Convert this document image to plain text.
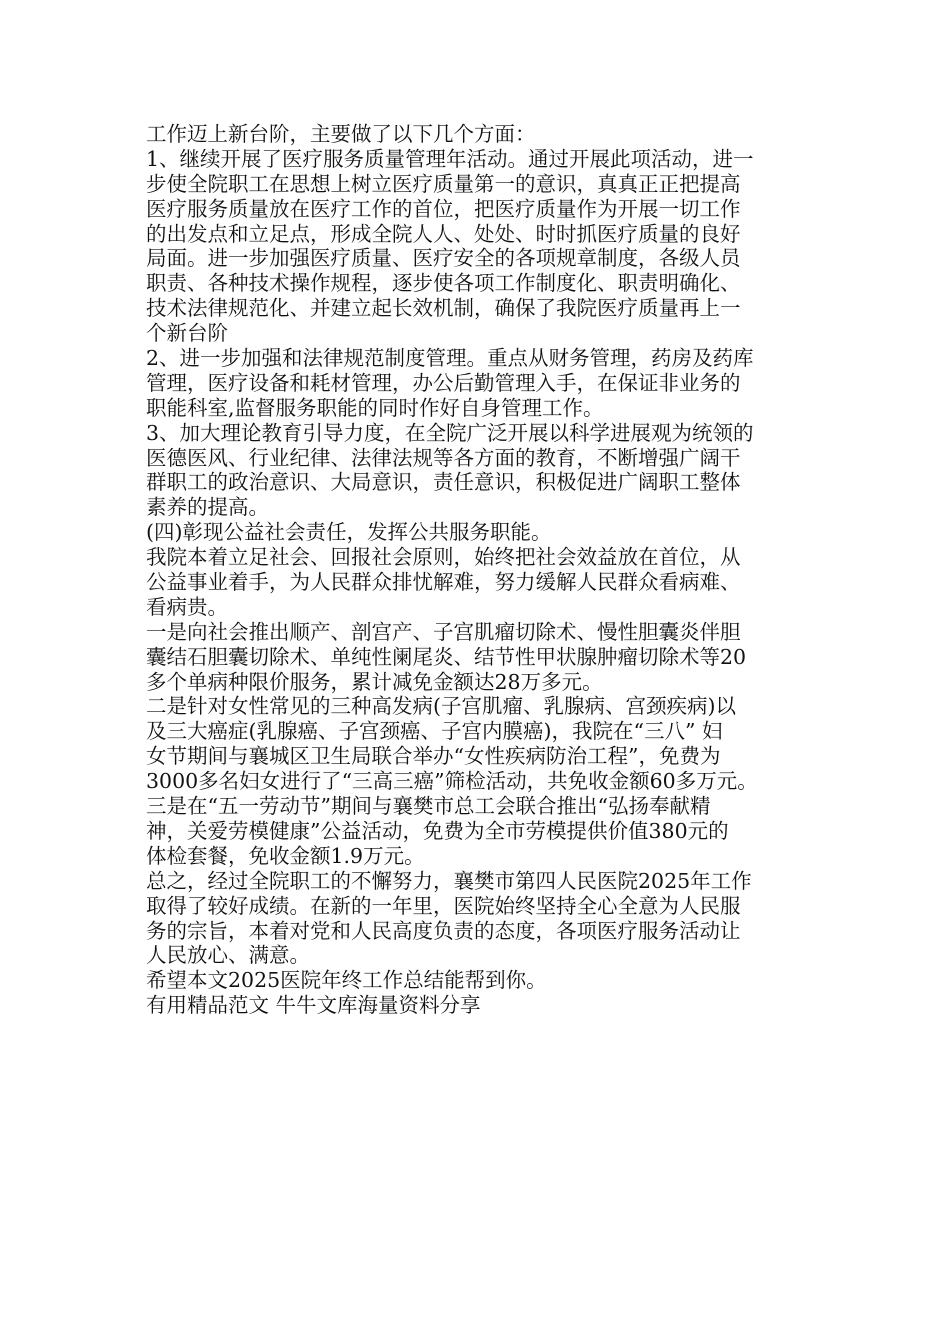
工作迈上新台阶，主要做了以下几个方面：
1、继续开展了医疗服务质量管理年活动。通过开展此项活动，进一
步使全院职工在思想上树立医疗质量第一的意识，真真正正把提高
医疗服务质量放在医疗工作的首位，把医疗质量作为开展一切工作
的出发点和立足点，形成全院人人、处处、时时抓医疗质量的良好
局面。进一步加强医疗质量、医疗安全的各项规章制度，各级人员
职责、各种技术操作规程，逐步使各项工作制度化、职责明确化、
技术法律规范化、并建立起长效机制，确保了我院医疗质量再上一
个新台阶
2、进一步加强和法律规范制度管理。重点从财务管理，药房及药库
管理，医疗设备和耗材管理，办公后勤管理入手，在保证非业务的
职能科室,监督服务职能的同时作好自身管理工作。
3、加大理论教育引导力度，在全院广泛开展以科学进展观为统领的
医德医风、行业纪律、法律法规等各方面的教育，不断增强广阔干
群职工的政治意识、大局意识，责任意识，积极促进广阔职工整体
素养的提高。
(四)彰现公益社会责任，发挥公共服务职能。
我院本着立足社会、回报社会原则，始终把社会效益放在首位，从
公益事业着手，为人民群众排忧解难，努力缓解人民群众看病难、
看病贵。
一是向社会推出顺产、剖宫产、子宫肌瘤切除术、慢性胆囊炎伴胆
囊结石胆囊切除术、单纯性阑尾炎、结节性甲状腺肿瘤切除术等20
多个单病种限价服务，累计减免金额达28万多元。
二是针对女性常见的三种高发病(子宫肌瘤、乳腺病、宫颈疾病)以
及三大癌症(乳腺癌、子宫颈癌、子宫内膜癌)，我院在“三八” 妇
女节期间与襄城区卫生局联合举办“女性疾病防治工程”，免费为
3000多名妇女进行了“三高三癌”筛检活动，共免收金额60多万元。
三是在“五一劳动节”期间与襄樊市总工会联合推出“弘扬奉献精
神，关爱劳模健康”公益活动，免费为全市劳模提供价值380元的
体检套餐，免收金额1.9万元。
总之，经过全院职工的不懈努力，襄樊市第四人民医院2025年工作
取得了较好成绩。在新的一年里，医院始终坚持全心全意为人民服
务的宗旨，本着对党和人民高度负责的态度，各项医疗服务活动让
人民放心、满意。
希望本文2025医院年终工作总结能帮到你。
有用精品范文 牛牛文库海量资料分享
